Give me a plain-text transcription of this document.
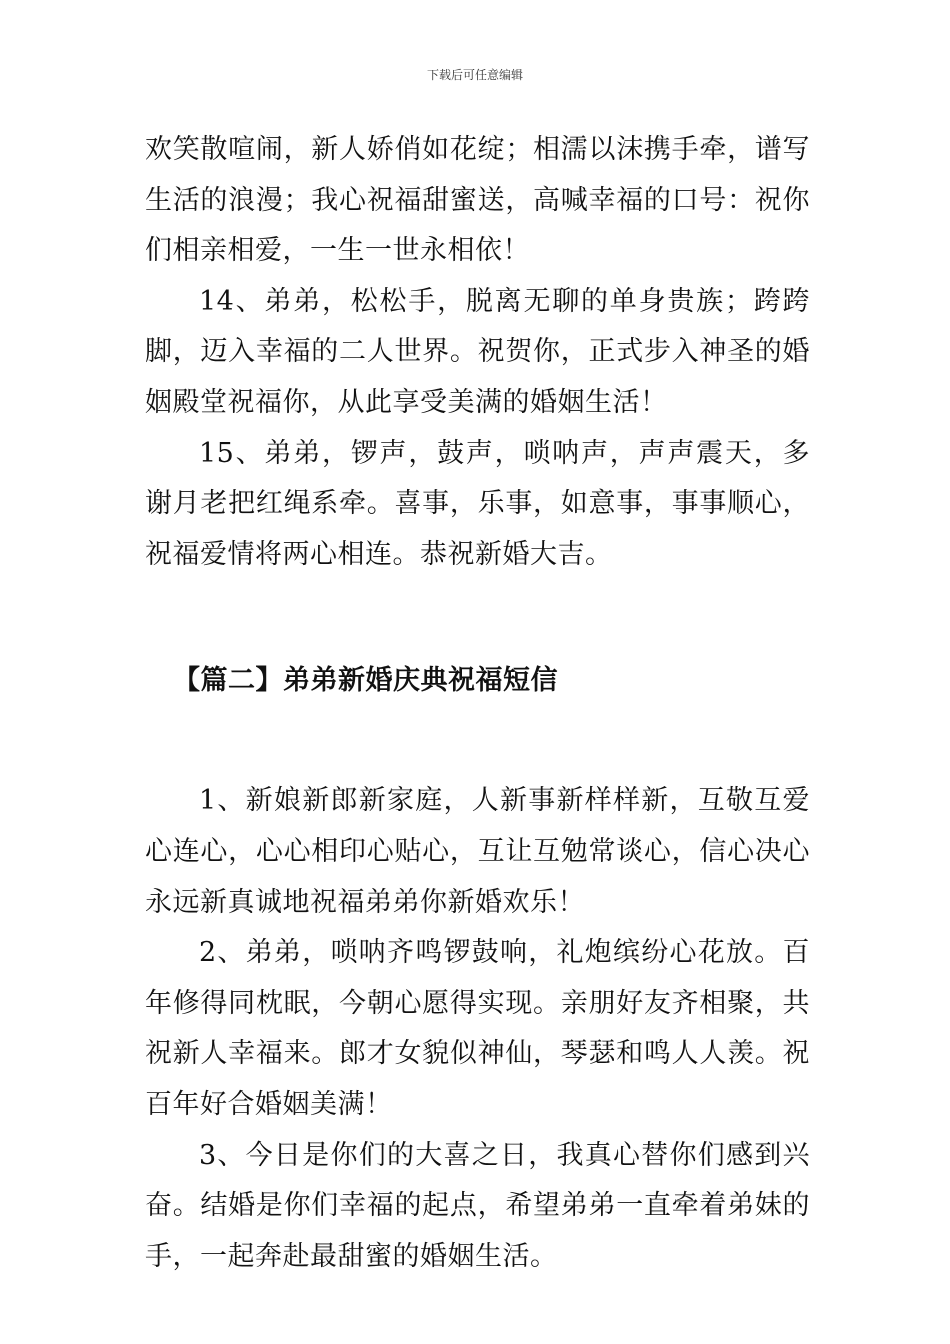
下载后可任意编辑

欢笑散喧闹，新人娇俏如花绽；相濡以沫携手牵，谱写生活的浪漫；我心祝福甜蜜送，高喊幸福的口号：祝你们相亲相爱，一生一世永相依！

14、弟弟，松松手，脱离无聊的单身贵族；跨跨脚，迈入幸福的二人世界。祝贺你，正式步入神圣的婚姻殿堂祝福你，从此享受美满的婚姻生活！

15、弟弟，锣声，鼓声，唢呐声，声声震天，多谢月老把红绳系牵。喜事，乐事，如意事，事事顺心，祝福爱情将两心相连。恭祝新婚大吉。

【篇二】弟弟新婚庆典祝福短信

1、新娘新郎新家庭，人新事新样样新，互敬互爱心连心，心心相印心贴心，互让互勉常谈心，信心决心永远新真诚地祝福弟弟你新婚欢乐！

2、弟弟，唢呐齐鸣锣鼓响，礼炮缤纷心花放。百年修得同枕眠，今朝心愿得实现。亲朋好友齐相聚，共祝新人幸福来。郎才女貌似神仙，琴瑟和鸣人人羡。祝百年好合婚姻美满！

3、今日是你们的大喜之日，我真心替你们感到兴奋。结婚是你们幸福的起点，希望弟弟一直牵着弟妹的手，一起奔赴最甜蜜的婚姻生活。
